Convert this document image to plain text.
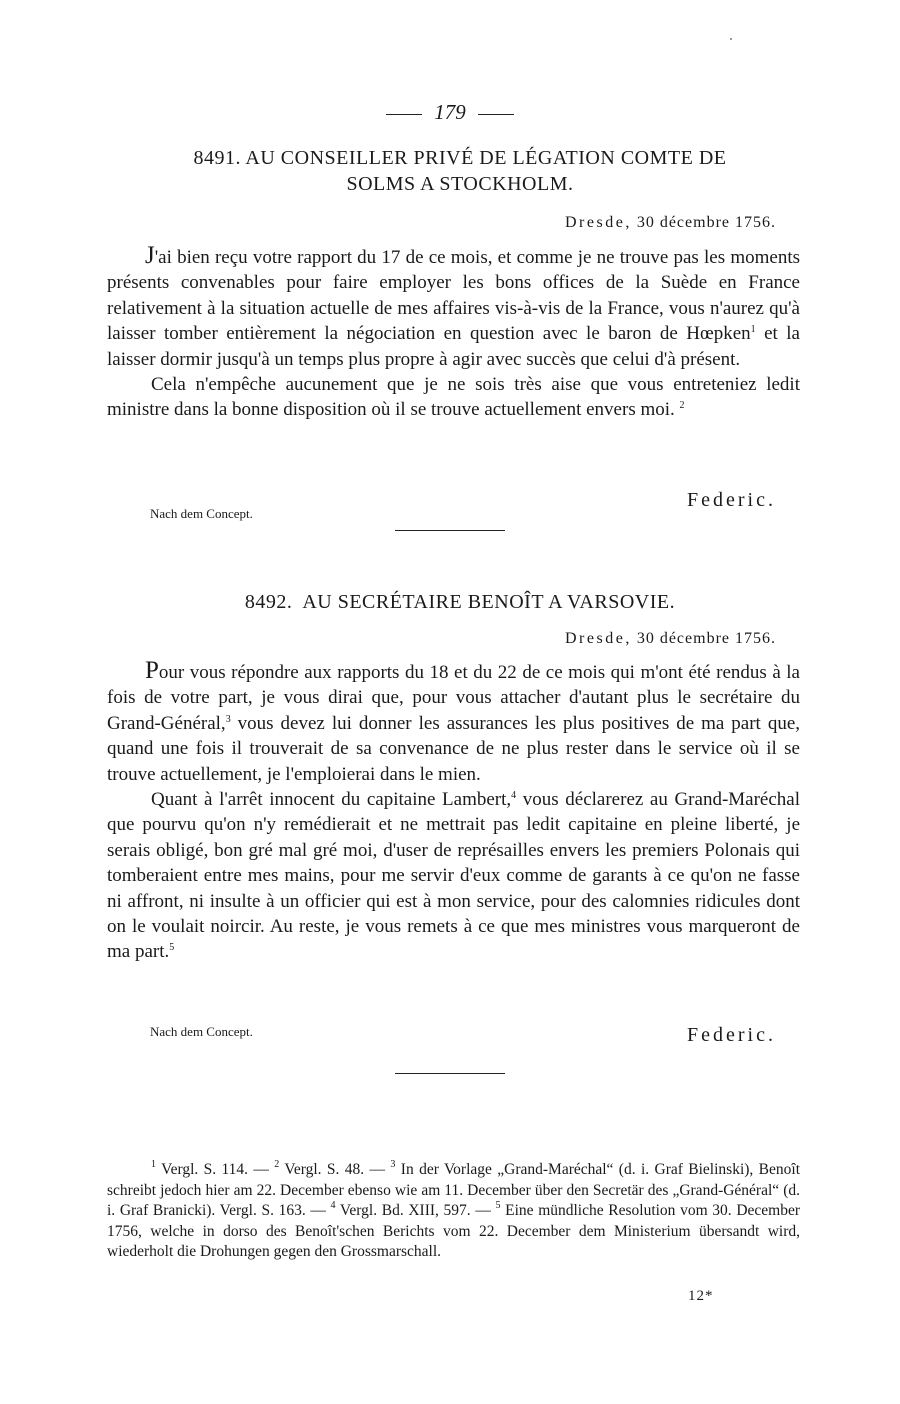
179
8491. AU CONSEILLER PRIVÉ DE LÉGATION COMTE DE
SOLMS A STOCKHOLM.
Dresde, 30 décembre 1756.

J'ai bien reçu votre rapport du 17 de ce mois, et comme je ne trouve pas les moments présents convenables pour faire employer les bons offices de la Suède en France relativement à la situation actuelle de mes affaires vis-à-vis de la France, vous n'aurez qu'à laisser tomber entièrement la négociation en question avec le baron de Hœpken$^1$ et la laisser dormir jusqu'à un temps plus propre à agir avec succès que celui d'à présent.

Cela n'empêche aucunement que je ne sois très aise que vous entreteniez ledit ministre dans la bonne disposition où il se trouve actuellement envers moi. $^2$

Federic.
Nach dem Concept.
8492. AU SECRÉTAIRE BENOÎT A VARSOVIE.
Dresde, 30 décembre 1756.

Pour vous répondre aux rapports du 18 et du 22 de ce mois qui m'ont été rendus à la fois de votre part, je vous dirai que, pour vous attacher d'autant plus le secrétaire du Grand-Général,$^3$ vous devez lui donner les assurances les plus positives de ma part que, quand une fois il trouverait de sa convenance de ne plus rester dans le service où il se trouve actuellement, je l'emploierai dans le mien.

Quant à l'arrêt innocent du capitaine Lambert,$^4$ vous déclarerez au Grand-Maréchal que pourvu qu'on n'y remédierait et ne mettrait pas ledit capitaine en pleine liberté, je serais obligé, bon gré mal gré moi, d'user de représailles envers les premiers Polonais qui tomberaient entre mes mains, pour me servir d'eux comme de garants à ce qu'on ne fasse ni affront, ni insulte à un officier qui est à mon service, pour des calomnies ridicules dont on le voulait noircir. Au reste, je vous remets à ce que mes ministres vous marqueront de ma part.$^5$

Nach dem Concept.	Federic.

$^1$ Vergl. S. 114. — $^2$ Vergl. S. 48. — $^3$ In der Vorlage „Grand-Maréchal“ (d. i. Graf Bielinski), Benoît schreibt jedoch hier am 22. December ebenso wie am 11. December über den Secretär des „Grand-Général“ (d. i. Graf Branicki). Vergl. S. 163. — $^4$ Vergl. Bd. XIII, 597. — $^5$ Eine mündliche Resolution vom 30. December 1756, welche in dorso des Benoît'schen Berichts vom 22. December dem Ministerium übersandt wird, wiederholt die Drohungen gegen den Grossmarschall.

12*
